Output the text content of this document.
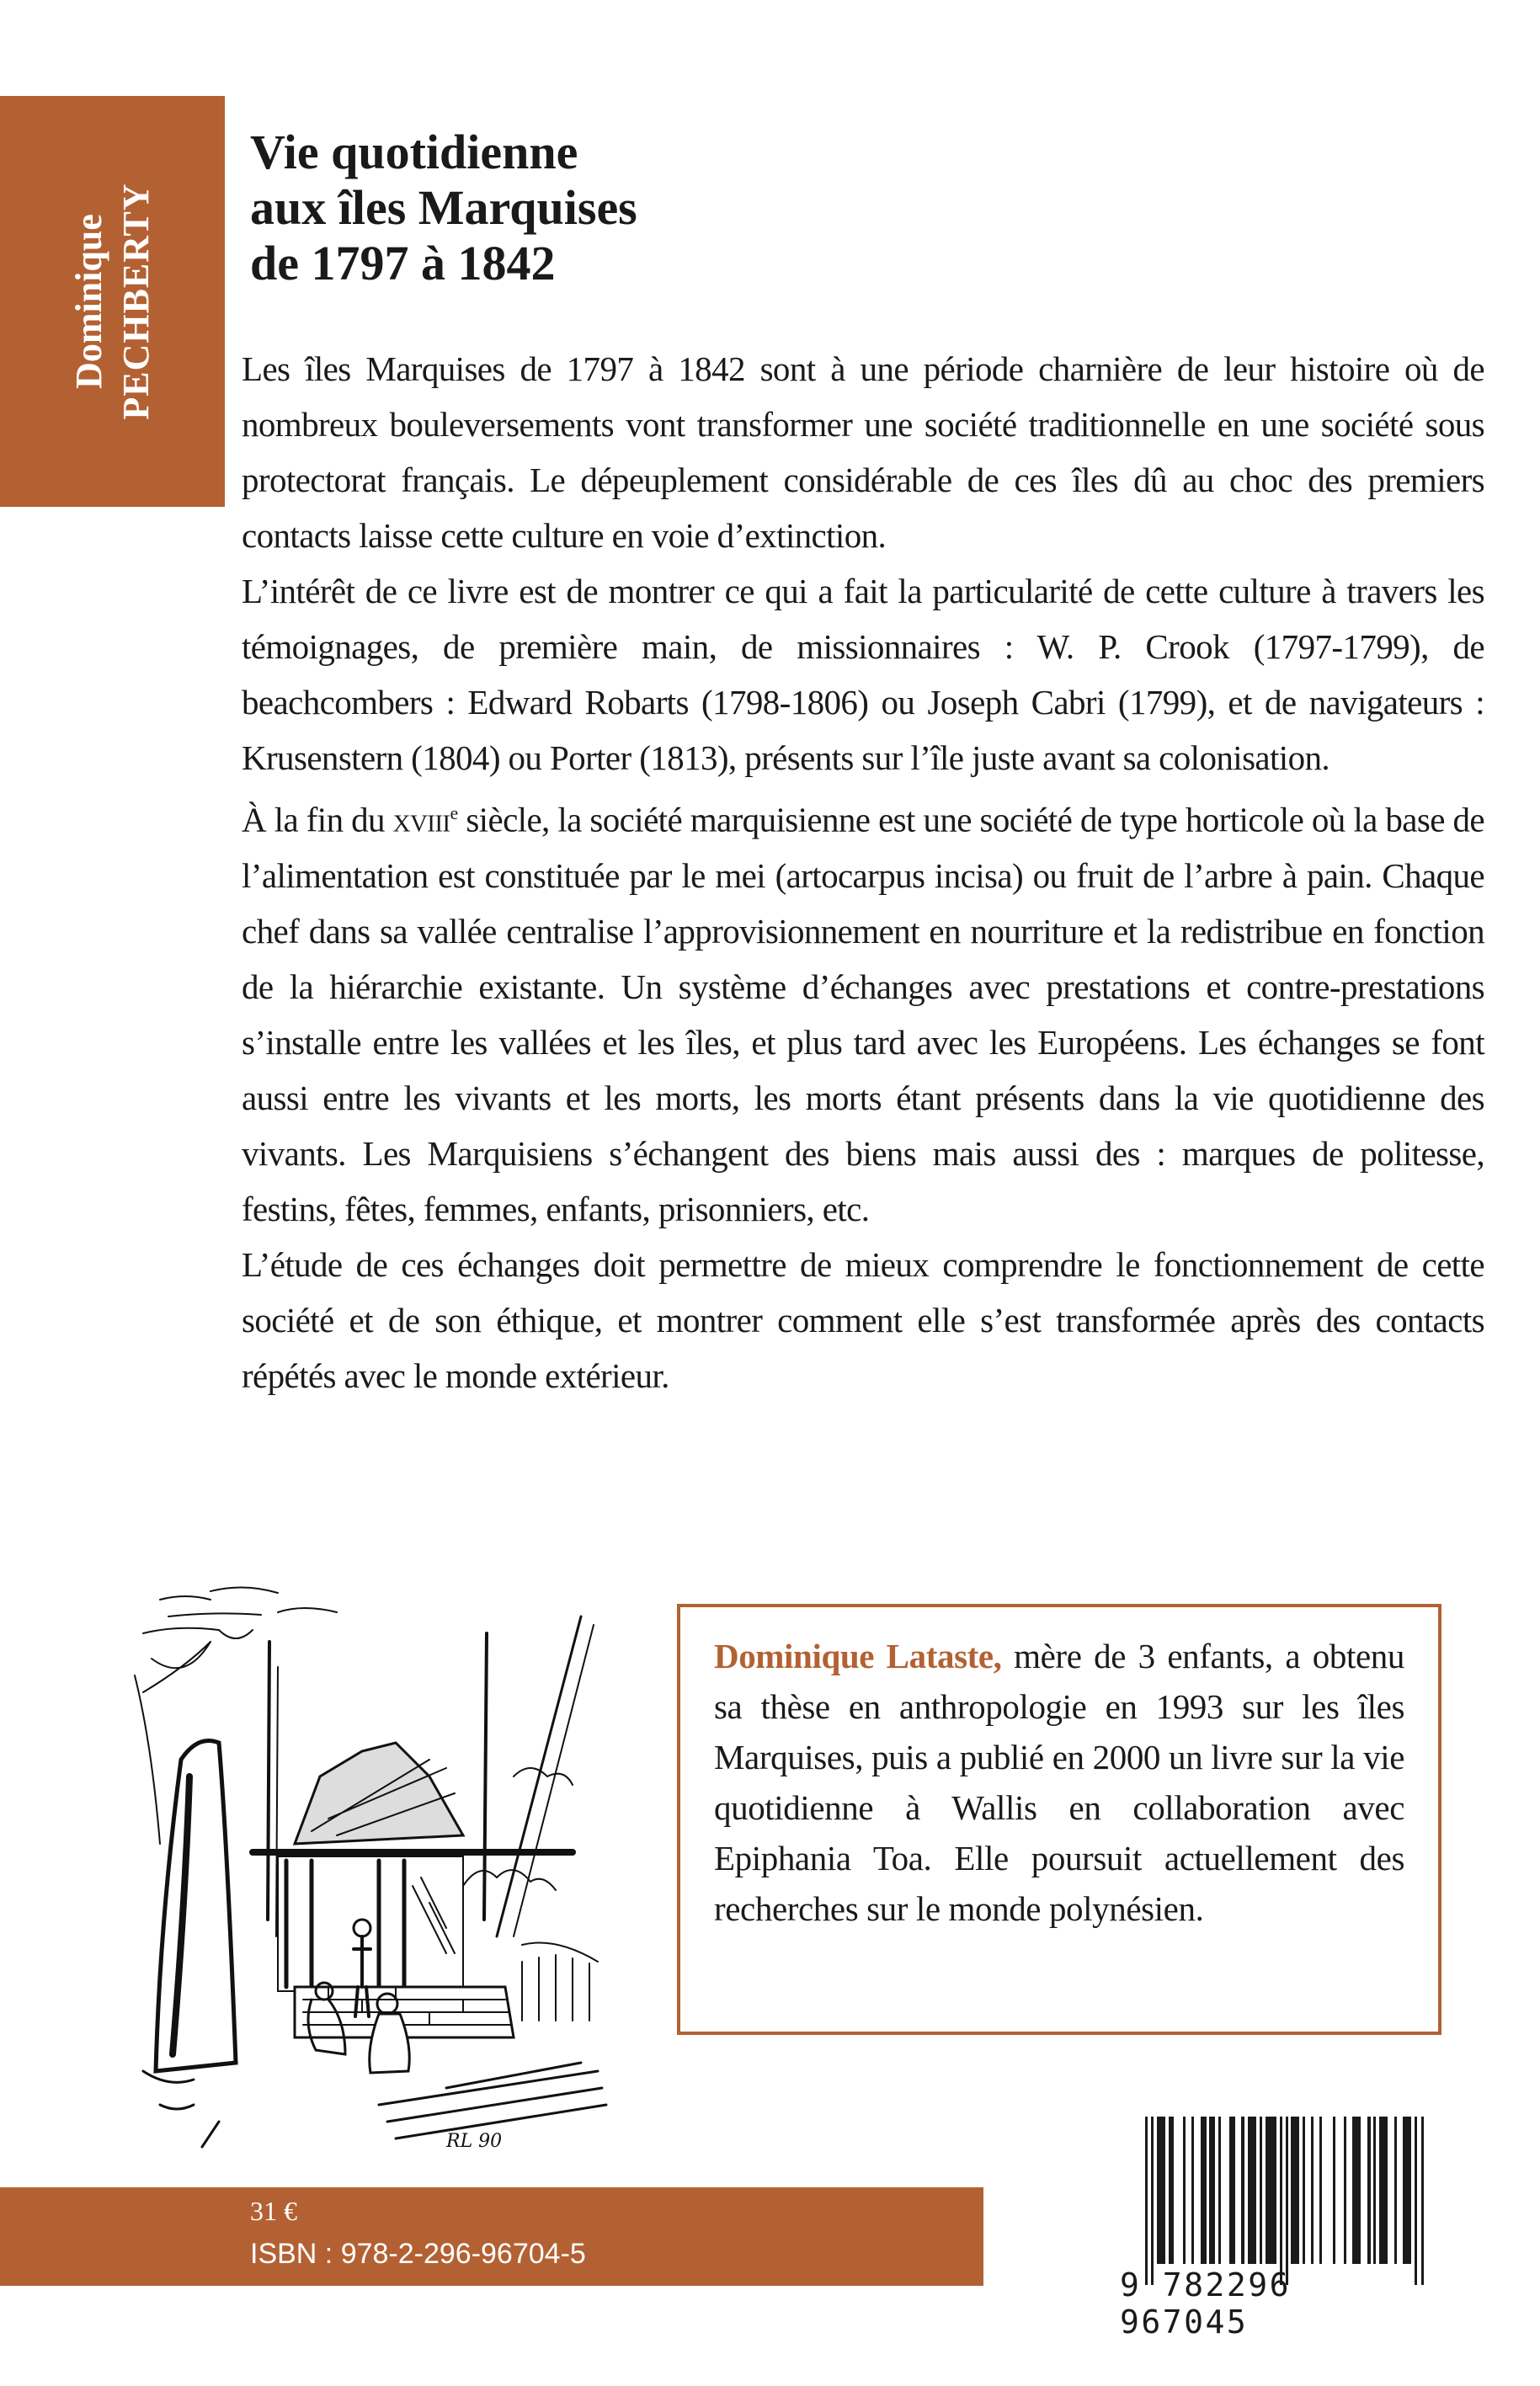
Dominique PECHBERTY
Vie quotidienne
aux îles Marquises
de 1797 à 1842

Les îles Marquises de 1797 à 1842 sont à une période charnière de leur histoire où de nombreux bouleversements vont transformer une société traditionnelle en une société sous protectorat français. Le dépeuplement considérable de ces îles dû au choc des premiers contacts laisse cette culture en voie d’extinction.

L’intérêt de ce livre est de montrer ce qui a fait la particularité de cette culture à travers les témoignages, de première main, de missionnaires : W. P. Crook (1797-1799), de beachcombers : Edward Robarts (1798-1806) ou Joseph Cabri (1799), et de navigateurs : Krusenstern (1804) ou Porter (1813), présents sur l’île juste avant sa colonisation.

À la fin du xviii$^e$ siècle, la société marquisienne est une société de type horticole où la base de l’alimentation est constituée par le mei (artocarpus incisa) ou fruit de l’arbre à pain. Chaque chef dans sa vallée centralise l’approvisionnement en nourriture et la redistribue en fonction de la hiérarchie existante. Un système d’échanges avec prestations et contre-prestations s’installe entre les vallées et les îles, et plus tard avec les Européens. Les échanges se font aussi entre les vivants et les morts, les morts étant présents dans la vie quotidienne des vivants. Les Marquisiens s’échangent des biens mais aussi des : marques de politesse, festins, fêtes, femmes, enfants, prisonniers, etc.

L’étude de ces échanges doit permettre de mieux comprendre le fonctionnement de cette société et de son éthique, et montrer comment elle s’est transformée après des contacts répétés avec le monde extérieur.

RL 90
Dominique Lataste, mère de 3 enfants, a obtenu sa thèse en anthropologie en 1993 sur les îles Marquises, puis a publié en 2000 un livre sur la vie quotidienne à Wallis en collaboration avec Epiphania Toa. Elle poursuit actuellement des recherches sur le monde polynésien.
31 €
ISBN : 978-2-296-96704-5
9 782296 967045
